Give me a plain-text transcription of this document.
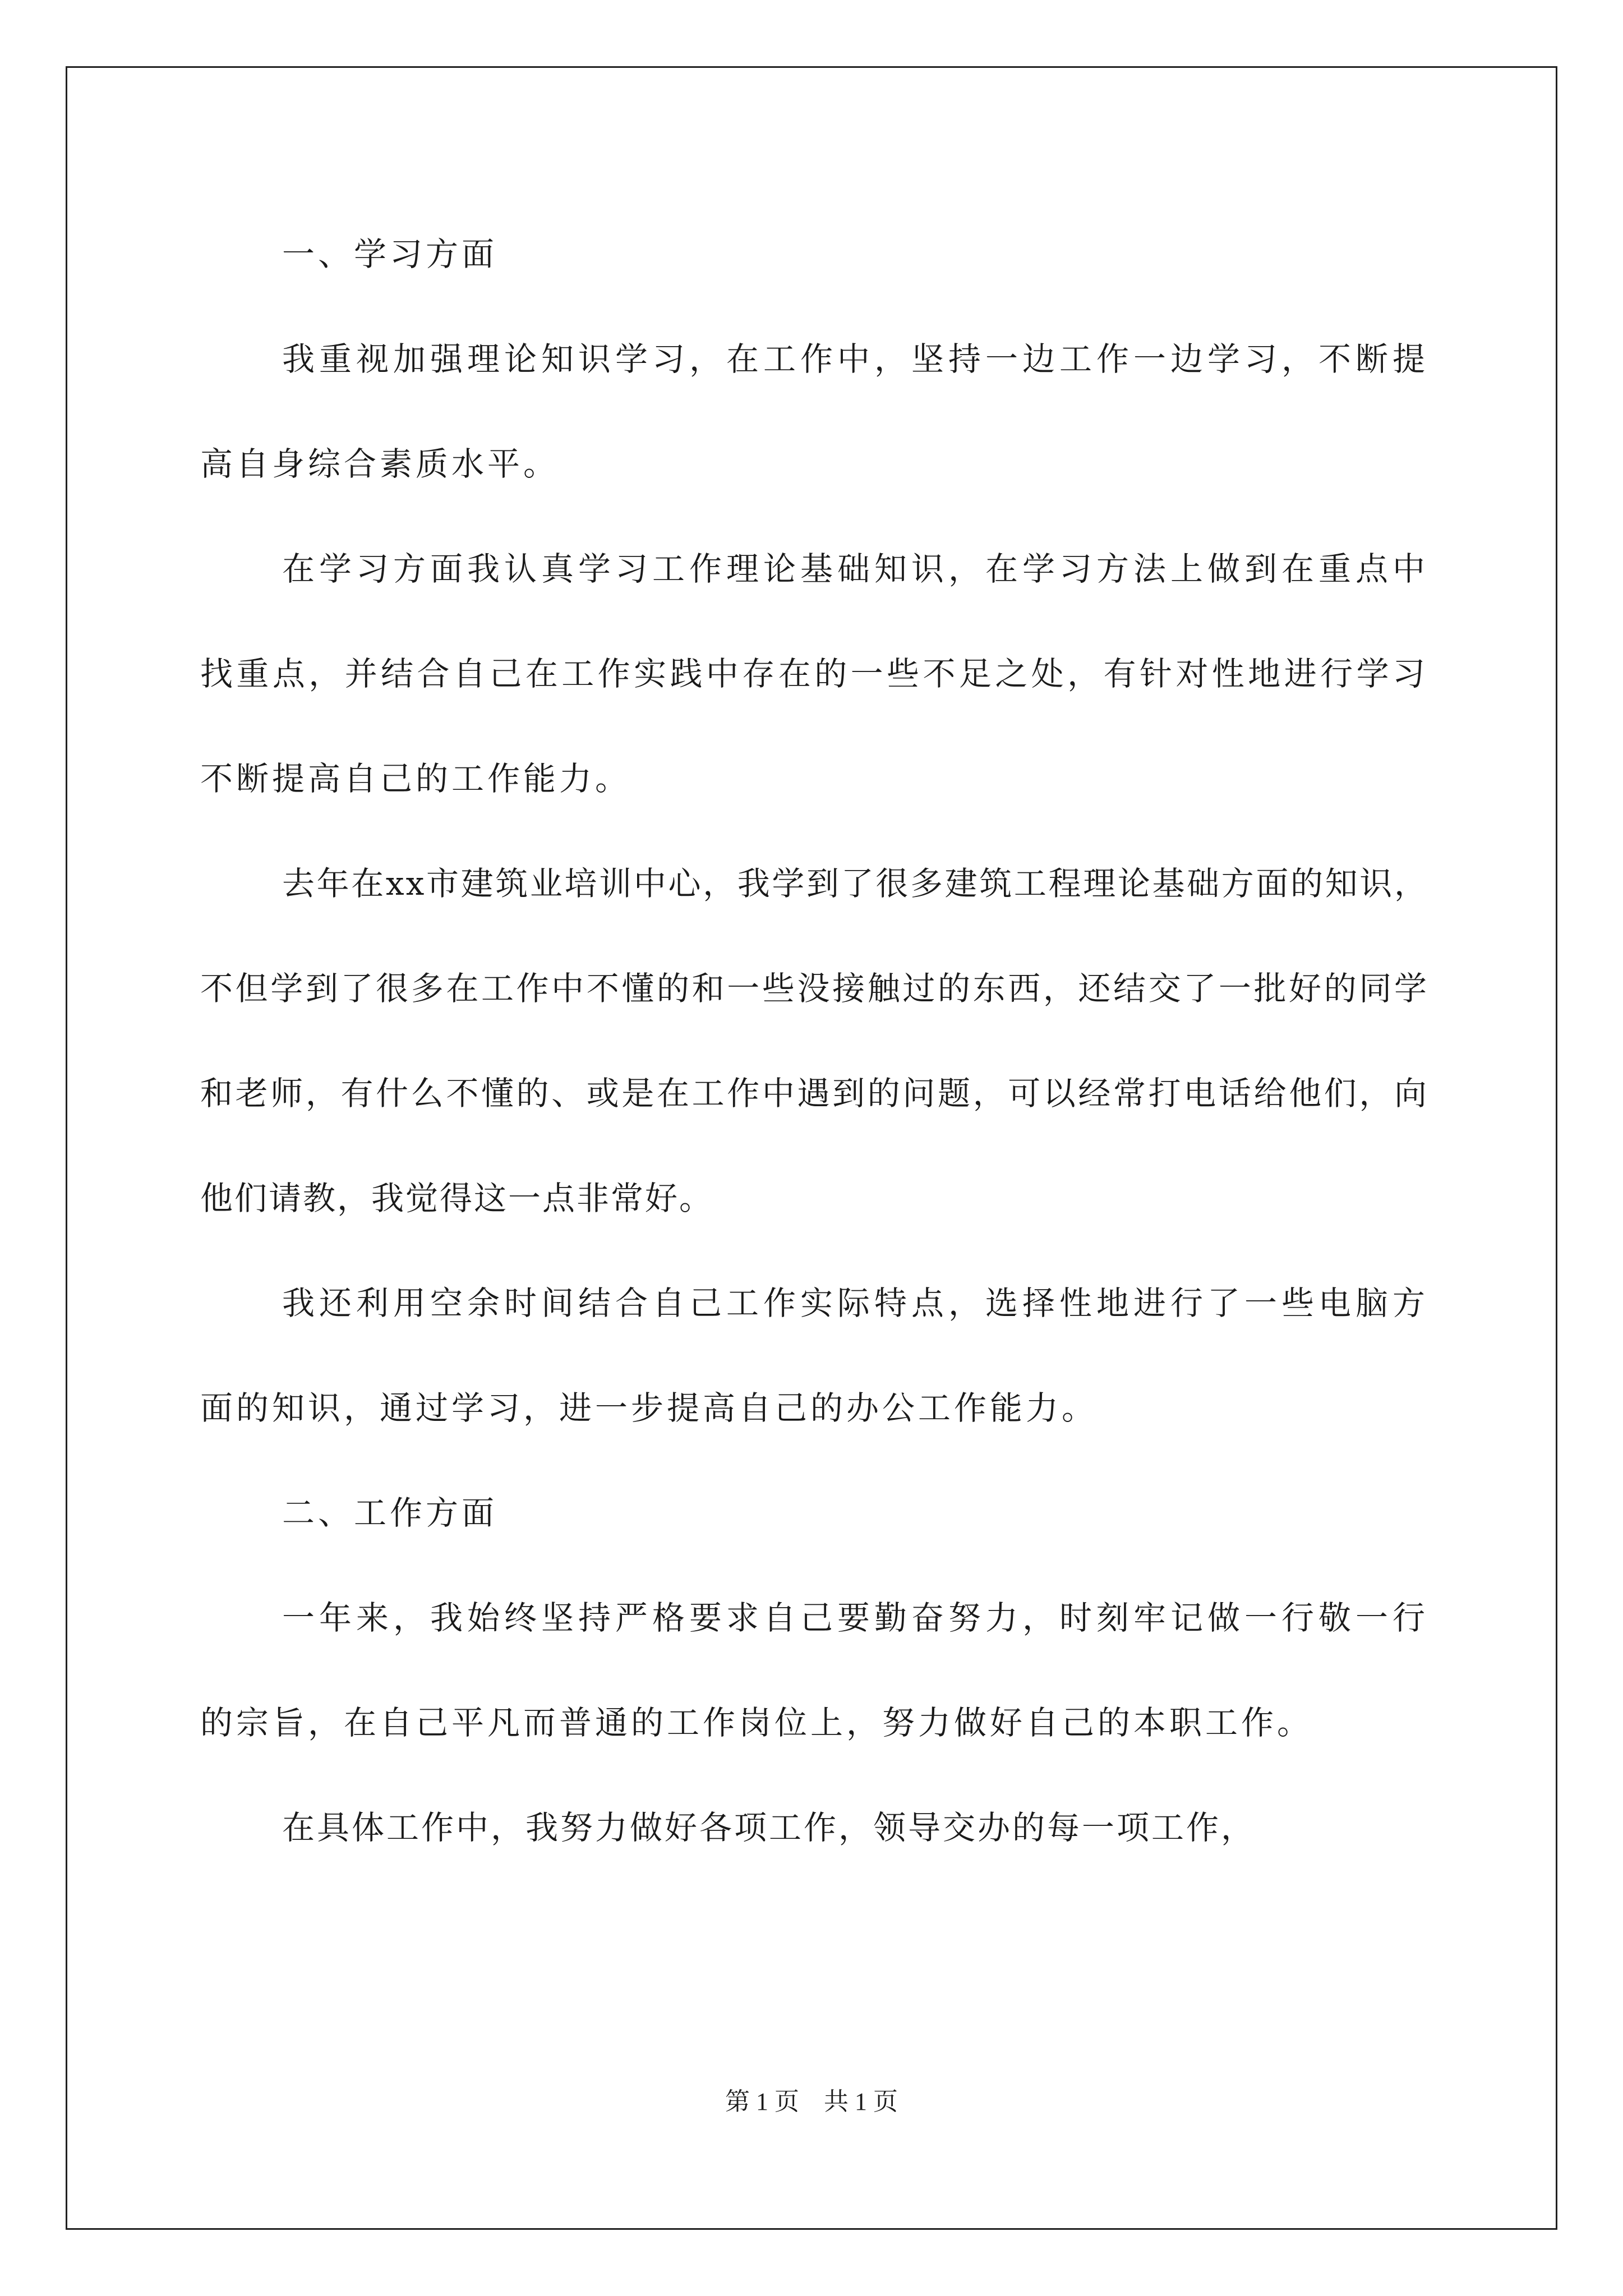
一、学习方面

我重视加强理论知识学习，在工作中，坚持一边工作一边学习，不断提高自身综合素质水平。

在学习方面我认真学习工作理论基础知识，在学习方法上做到在重点中找重点，并结合自己在工作实践中存在的一些不足之处，有针对性地进行学习不断提高自己的工作能力。

去年在xx市建筑业培训中心，我学到了很多建筑工程理论基础方面的知识，不但学到了很多在工作中不懂的和一些没接触过的东西，还结交了一批好的同学和老师，有什么不懂的、或是在工作中遇到的问题，可以经常打电话给他们，向他们请教，我觉得这一点非常好。

我还利用空余时间结合自己工作实际特点，选择性地进行了一些电脑方面的知识，通过学习，进一步提高自己的办公工作能力。

二、工作方面

一年来，我始终坚持严格要求自己要勤奋努力，时刻牢记做一行敬一行的宗旨，在自己平凡而普通的工作岗位上，努力做好自己的本职工作。

在具体工作中，我努力做好各项工作，领导交办的每一项工作，

第 1 页　共 1 页
